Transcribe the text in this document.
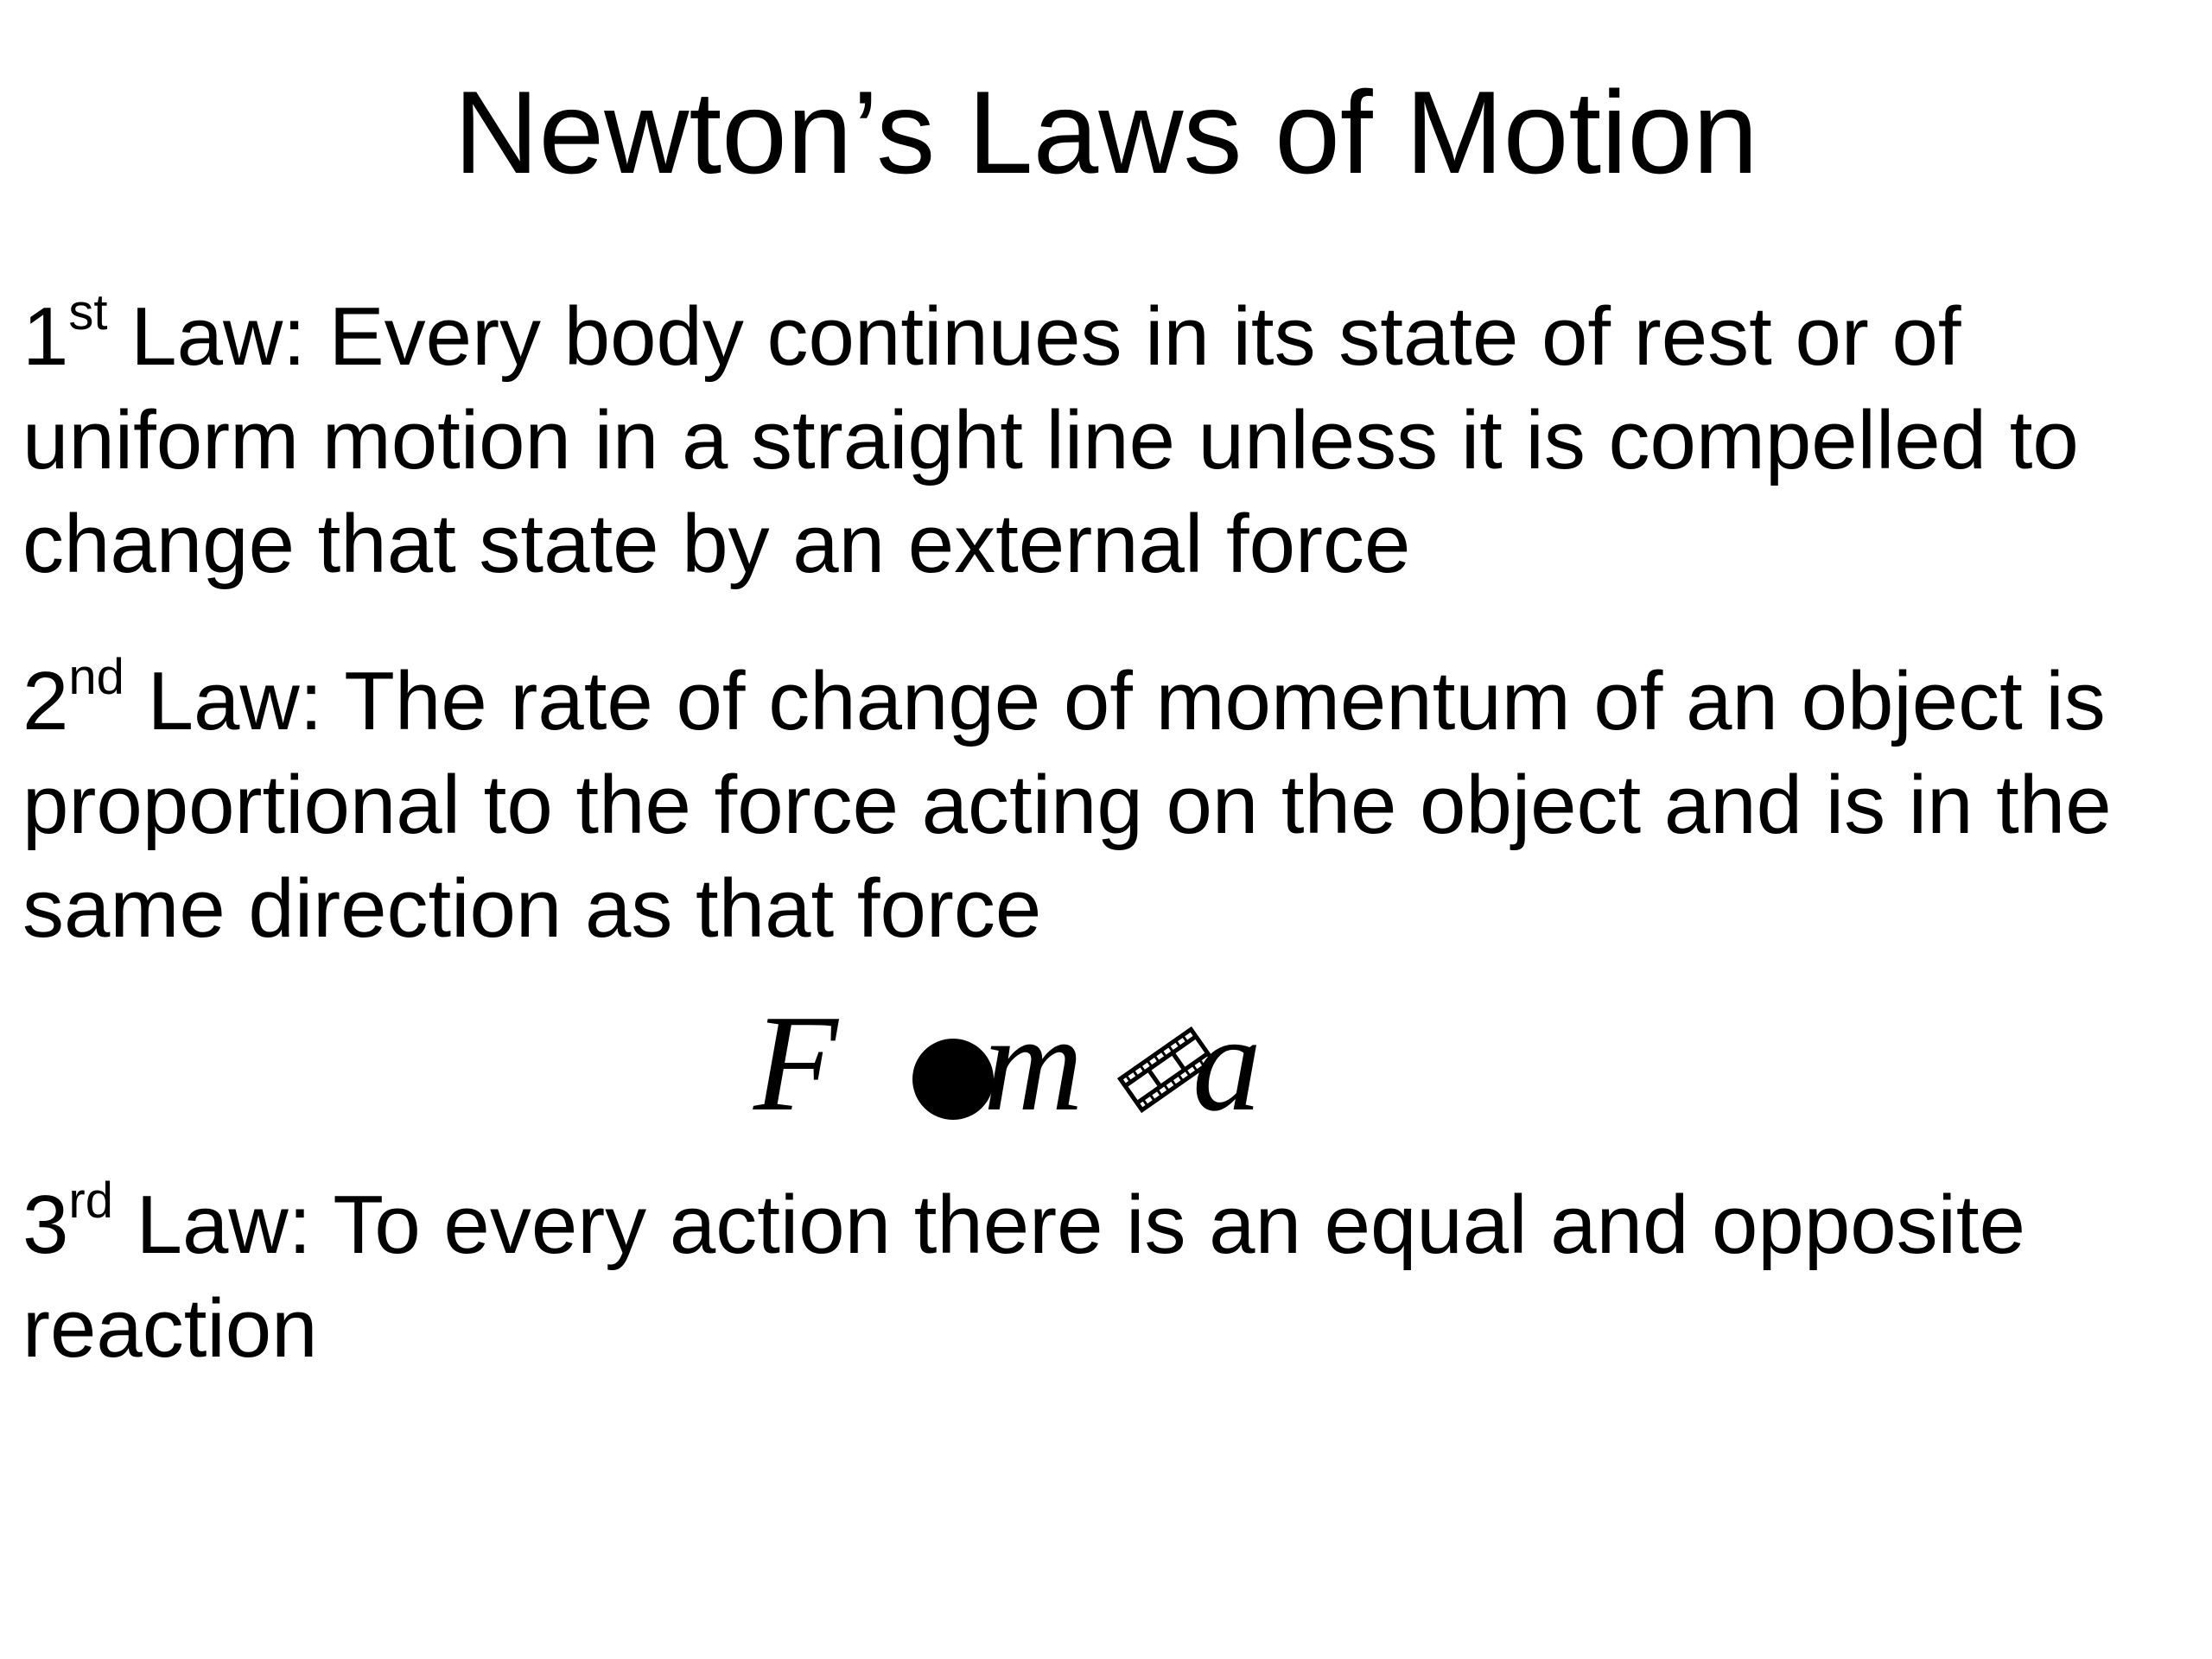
Newton’s Laws of Motion

1st Law: Every body continues in its state of rest or of uniform motion in a straight line unless it is compelled to change that state by an external force

2nd Law: The rate of change of momentum of an object is proportional to the force acting on the object and is in the same direction as that force

F m a

3rd Law: To every action there is an equal and opposite reaction
